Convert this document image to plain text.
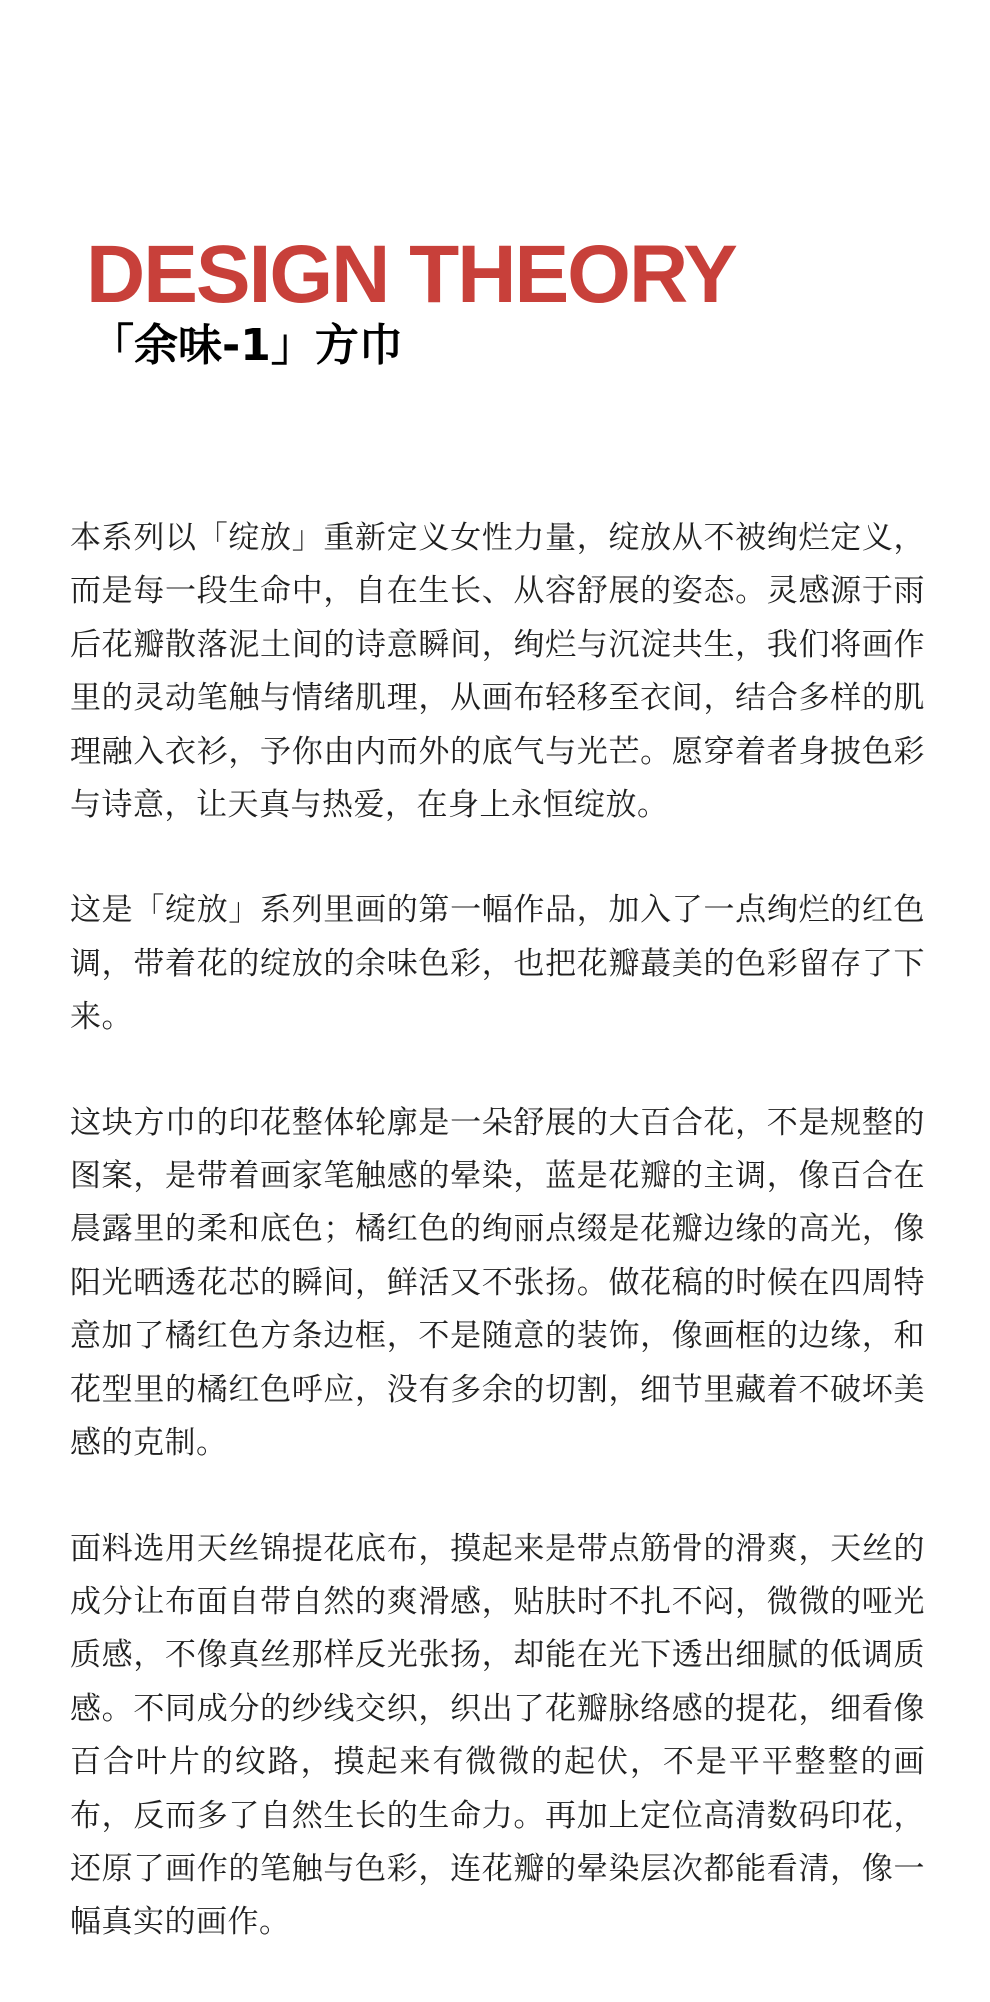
DESIGN THEORY
「余味-1」方巾

本系列以「绽放」重新定义女性力量，绽放从不被绚烂定义，而是每一段生命中，自在生长、从容舒展的姿态。灵感源于雨后花瓣散落泥土间的诗意瞬间，绚烂与沉淀共生，我们将画作里的灵动笔触与情绪肌理，从画布轻移至衣间，结合多样的肌理融入衣衫，予你由内而外的底气与光芒。愿穿着者身披色彩与诗意，让天真与热爱，在身上永恒绽放。

这是「绽放」系列里画的第一幅作品，加入了一点绚烂的红色调，带着花的绽放的余味色彩，也把花瓣蕞美的色彩留存了下来。

这块方巾的印花整体轮廓是一朵舒展的大百合花，不是规整的图案，是带着画家笔触感的晕染，蓝是花瓣的主调，像百合在晨露里的柔和底色；橘红色的绚丽点缀是花瓣边缘的高光，像阳光晒透花芯的瞬间，鲜活又不张扬。做花稿的时候在四周特意加了橘红色方条边框，不是随意的装饰，像画框的边缘，和花型里的橘红色呼应，没有多余的切割，细节里藏着不破坏美感的克制。

面料选用天丝锦提花底布，摸起来是带点筋骨的滑爽，天丝的成分让布面自带自然的爽滑感，贴肤时不扎不闷，微微的哑光质感，不像真丝那样反光张扬，却能在光下透出细腻的低调质感。不同成分的纱线交织，织出了花瓣脉络感的提花，细看像百合叶片的纹路，摸起来有微微的起伏，不是平平整整的画布，反而多了自然生长的生命力。再加上定位高清数码印花，还原了画作的笔触与色彩，连花瓣的晕染层次都能看清，像一幅真实的画作。
